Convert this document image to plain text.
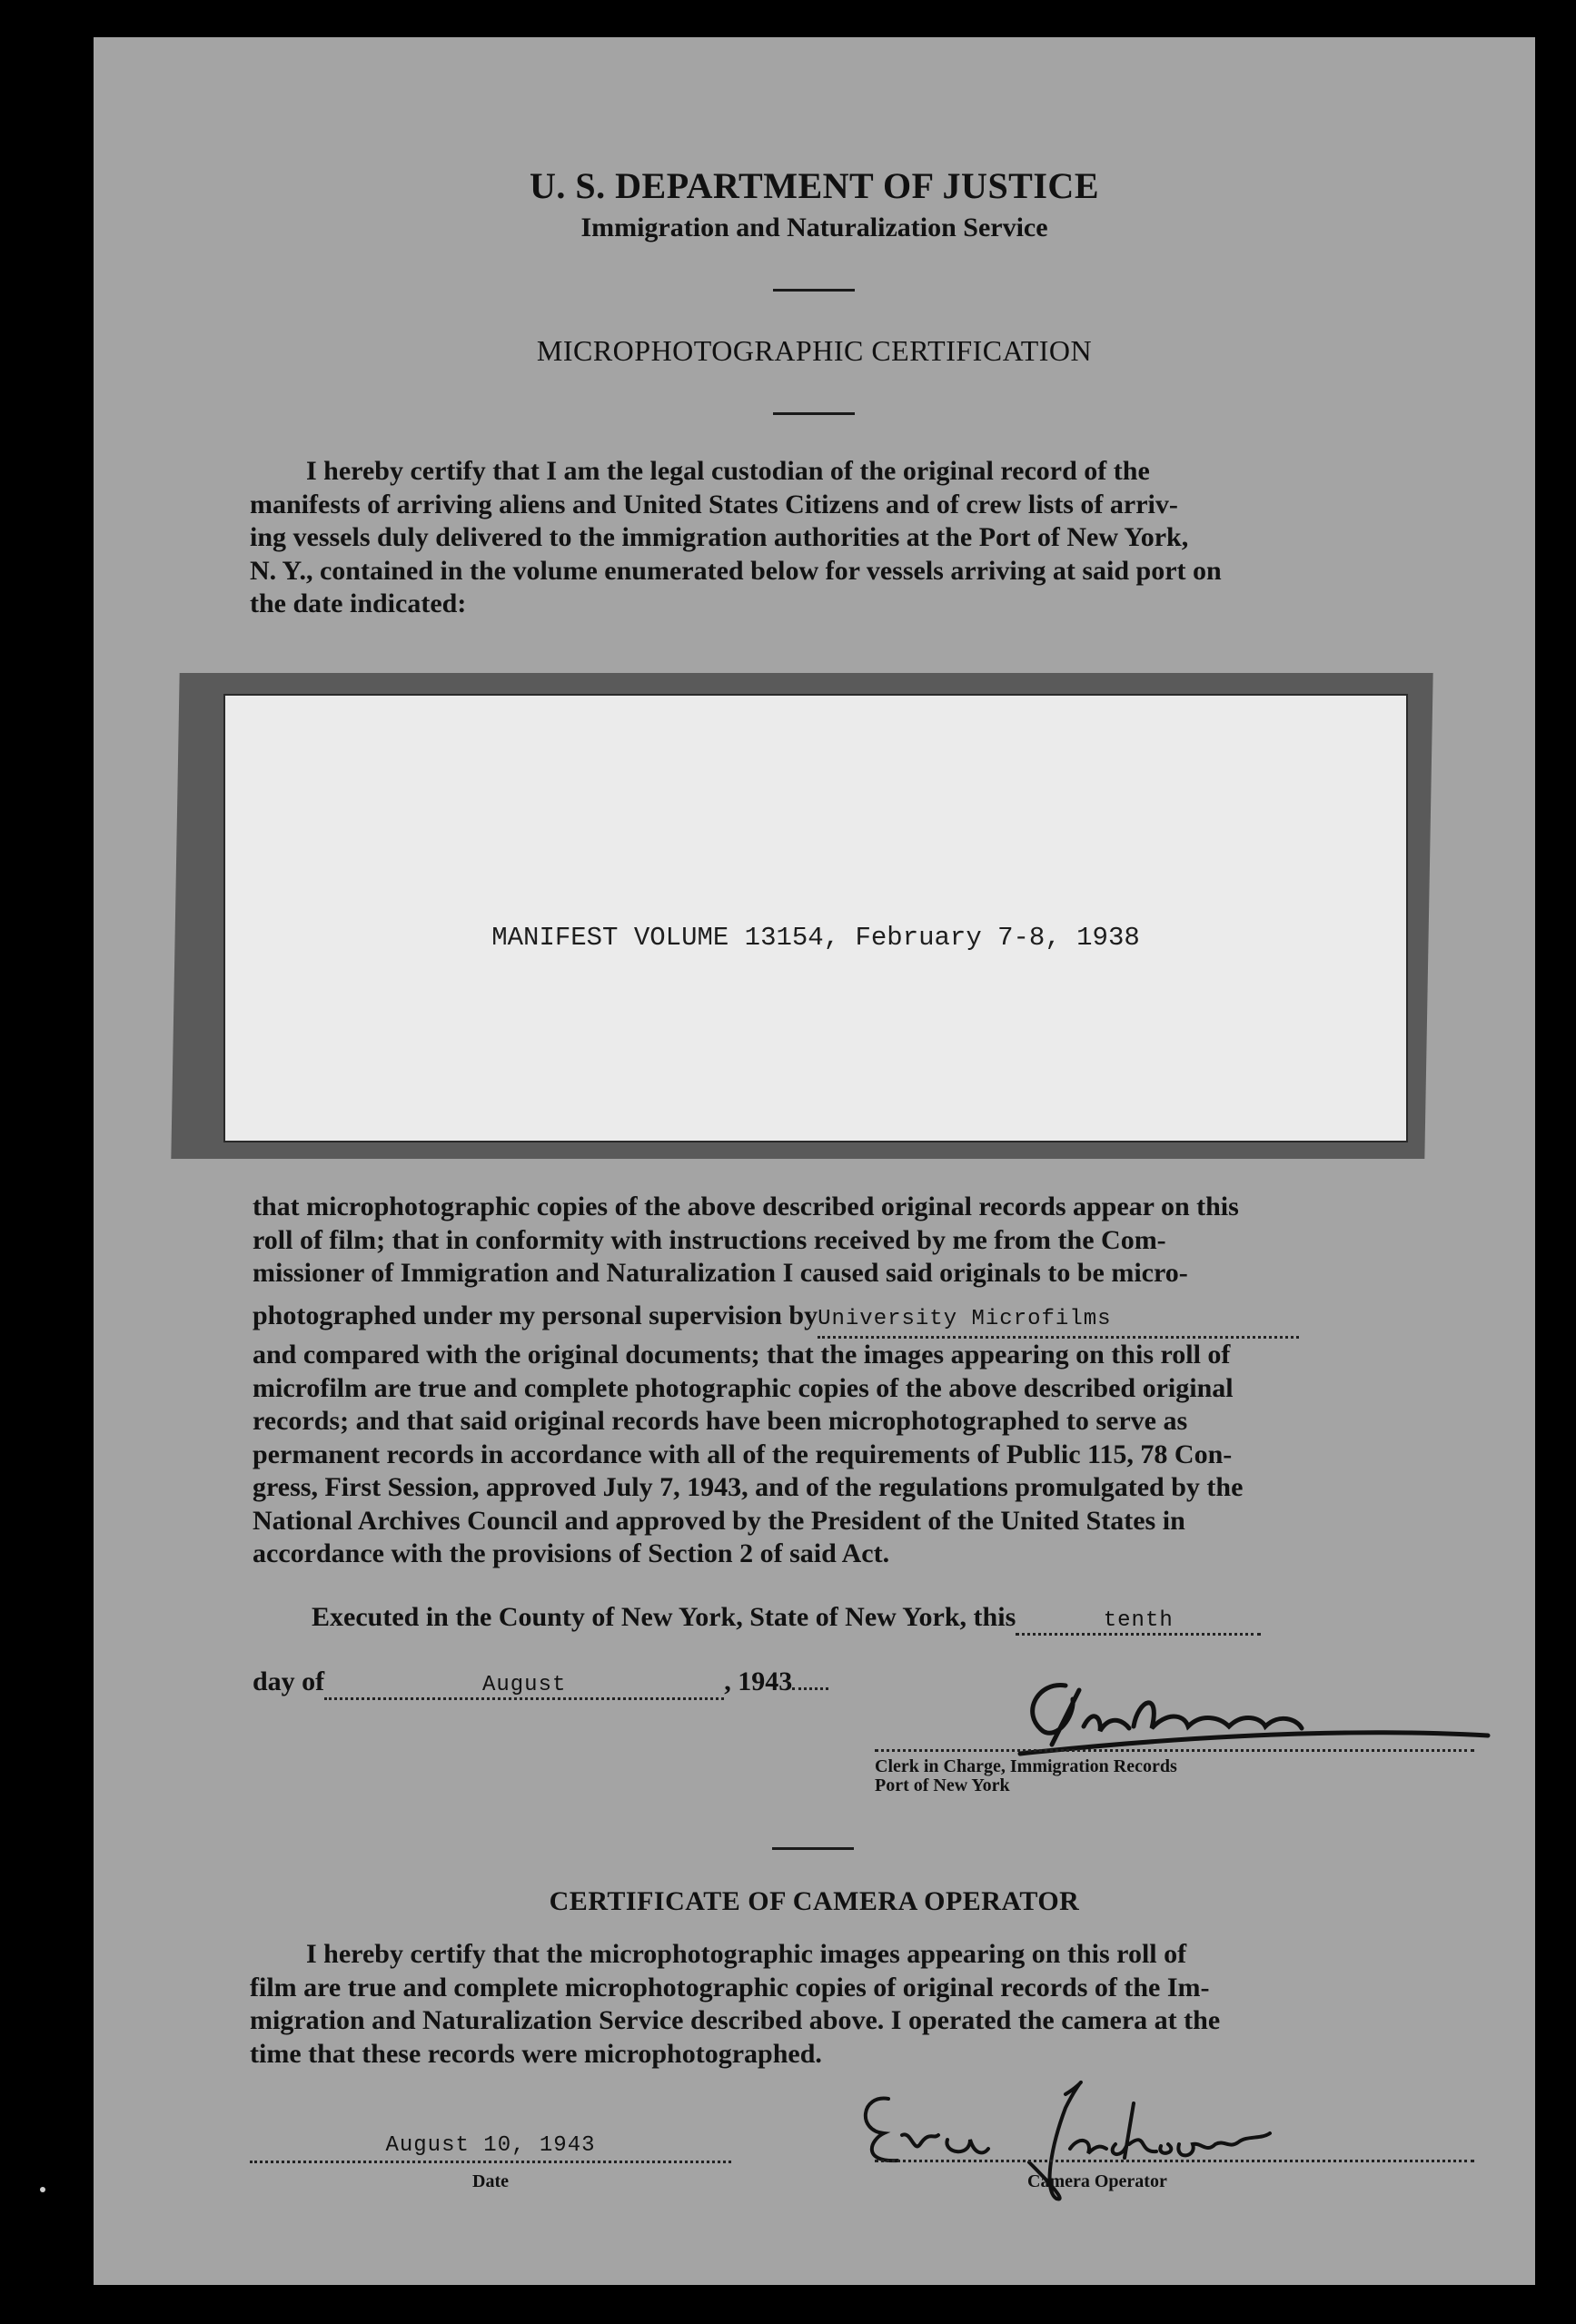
U. S. DEPARTMENT OF JUSTICE
Immigration and Naturalization Service
MICROPHOTOGRAPHIC CERTIFICATION
I hereby certify that I am the legal custodian of the original record of the
manifests of arriving aliens and United States Citizens and of crew lists of arriv-
ing vessels duly delivered to the immigration authorities at the Port of New York,
N. Y., contained in the volume enumerated below for vessels arriving at said port on
the date indicated:
MANIFEST VOLUME 13154, February 7-8, 1938
that microphotographic copies of the above described original records appear on this
roll of film; that in conformity with instructions received by me from the Com-
missioner of Immigration and Naturalization I caused said originals to be micro-
photographed under my personal supervision byUniversity Microfilms
and compared with the original documents; that the images appearing on this roll of
microfilm are true and complete photographic copies of the above described original
records; and that said original records have been microphotographed to serve as
permanent records in accordance with all of the requirements of Public 115, 78 Con-
gress, First Session, approved July 7, 1943, and of the regulations promulgated by the
National Archives Council and approved by the President of the United States in
accordance with the provisions of Section 2 of said Act.
Executed in the County of New York, State of New York, this	tenth
day of	August	, 1943
Clerk in Charge, Immigration Records
Port of New York
CERTIFICATE OF CAMERA OPERATOR
I hereby certify that the microphotographic images appearing on this roll of
film are true and complete microphotographic copies of original records of the Im-
migration and Naturalization Service described above. I operated the camera at the
time that these records were microphotographed.
August 10, 1943
Date	Camera Operator
